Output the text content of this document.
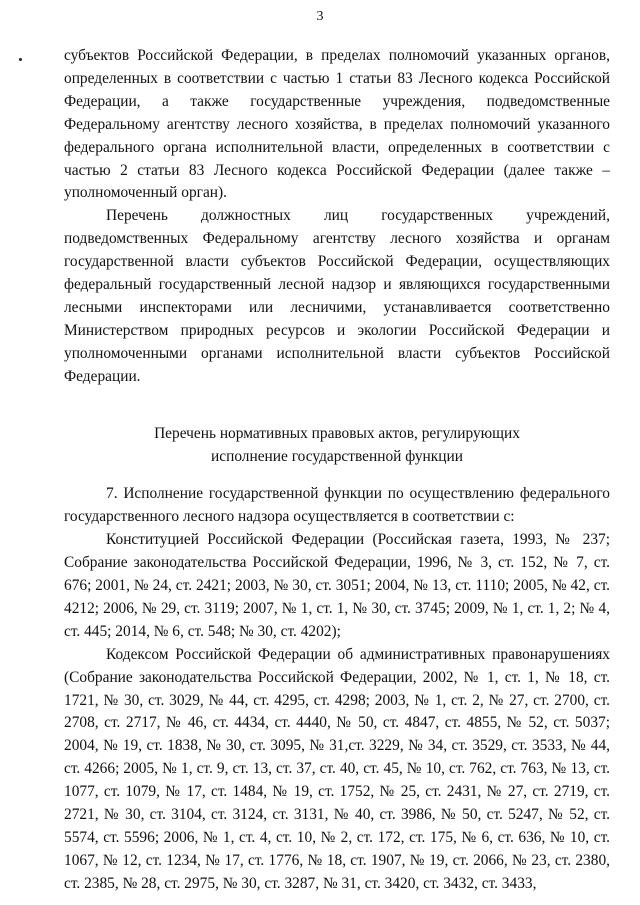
3

субъектов Российской Федерации, в пределах полномочий указанных органов, определенных в соответствии с частью 1 статьи 83 Лесного кодекса Российской Федерации, а также государственные учреждения, подведомственные Федеральному агентству лесного хозяйства, в пределах полномочий указанного федерального органа исполнительной власти, определенных в соответствии с частью 2 статьи 83 Лесного кодекса Российской Федерации (далее также – уполномоченный орган).

Перечень должностных лиц государственных учреждений, подведомственных Федеральному агентству лесного хозяйства и органам государственной власти субъектов Российской Федерации, осуществляющих федеральный государственный лесной надзор и являющихся государственными лесными инспекторами или лесничими, устанавливается соответственно Министерством природных ресурсов и экологии Российской Федерации и уполномоченными органами исполнительной власти субъектов Российской Федерации.

Перечень нормативных правовых актов, регулирующих исполнение государственной функции

7. Исполнение государственной функции по осуществлению федерального государственного лесного надзора осуществляется в соответствии с:

Конституцией Российской Федерации (Российская газета, 1993, № 237; Собрание законодательства Российской Федерации, 1996, № 3, ст. 152, № 7, ст. 676; 2001, № 24, ст. 2421; 2003, № 30, ст. 3051; 2004, № 13, ст. 1110; 2005, № 42, ст. 4212; 2006, № 29, ст. 3119; 2007, № 1, ст. 1, № 30, ст. 3745; 2009, № 1, ст. 1, 2; № 4, ст. 445; 2014, № 6, ст. 548; № 30, ст. 4202);

Кодексом Российской Федерации об административных правонарушениях (Собрание законодательства Российской Федерации, 2002, № 1, ст. 1, № 18, ст. 1721, № 30, ст. 3029, № 44, ст. 4295, ст. 4298; 2003, № 1, ст. 2, № 27, ст. 2700, ст. 2708, ст. 2717, № 46, ст. 4434, ст. 4440, № 50, ст. 4847, ст. 4855, № 52, ст. 5037; 2004, № 19, ст. 1838, № 30, ст. 3095, № 31,ст. 3229, № 34, ст. 3529, ст. 3533, № 44, ст. 4266; 2005, № 1, ст. 9, ст. 13, ст. 37, ст. 40, ст. 45, № 10, ст. 762, ст. 763, № 13, ст. 1077, ст. 1079, № 17, ст. 1484, № 19, ст. 1752, № 25, ст. 2431, № 27, ст. 2719, ст. 2721, № 30, ст. 3104, ст. 3124, ст. 3131, № 40, ст. 3986, № 50, ст. 5247, № 52, ст. 5574, ст. 5596; 2006, № 1, ст. 4, ст. 10, № 2, ст. 172, ст. 175, № 6, ст. 636, № 10, ст. 1067, № 12, ст. 1234, № 17, ст. 1776, № 18, ст. 1907, № 19, ст. 2066, № 23, ст. 2380, ст. 2385, № 28, ст. 2975, № 30, ст. 3287, № 31, ст. 3420, ст. 3432, ст. 3433,
